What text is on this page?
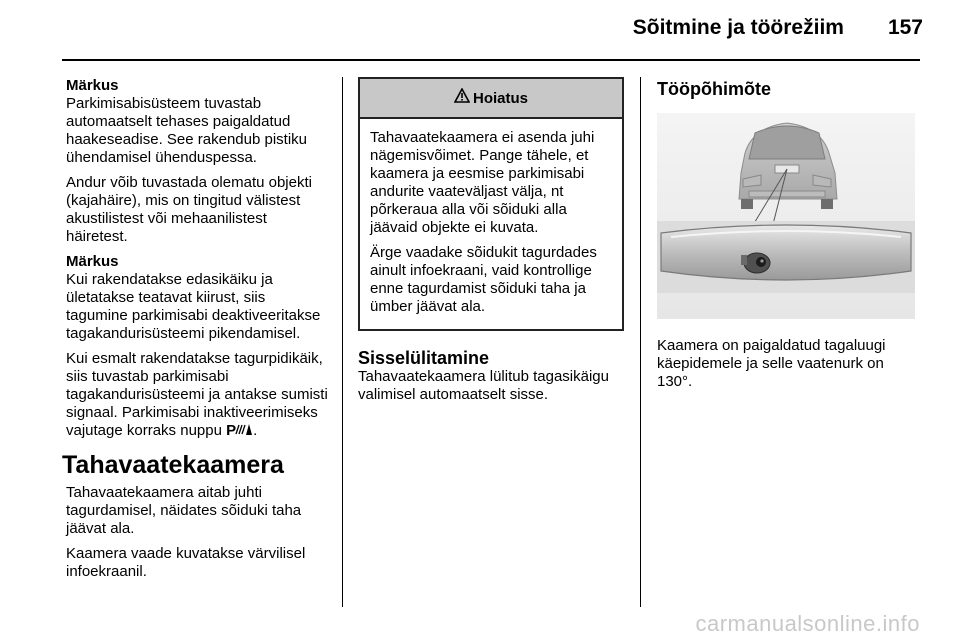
Sõitmine ja töörežiim 157
Märkus

Parkimisabisüsteem tuvastab automaatselt tehases paigaldatud haakeseadise. See rakendub pistiku ühendamisel ühenduspessa.

Andur võib tuvastada olematu objekti (kajahäire), mis on tingitud välistest akustilistest või mehaanilistest häiretest.

Märkus

Kui rakendatakse edasikäiku ja ületatakse teatavat kiirust, siis tagumine parkimisabi deaktiveeritakse tagakandurisüsteemi pikendamisel.

Kui esmalt rakendatakse tagurpidikäik, siis tuvastab parkimisabi tagakandurisüsteemi ja antakse sumisti signaal. Parkimisabi inaktiveerimiseks vajutage korraks nuppu P .

Tahavaatekaamera

Tahavaatekaamera aitab juhti tagurdamisel, näidates sõiduki taha jäävat ala.

Kaamera vaade kuvatakse värvilisel infoekraanil.

Hoiatus

Tahavaatekaamera ei asenda juhi nägemisvõimet. Pange tähele, et kaamera ja eesmise parkimisabi andurite vaateväljast välja, nt põrkeraua alla või sõiduki alla jäävaid objekte ei kuvata.

Ärge vaadake sõidukit tagurdades ainult infoekraani, vaid kontrollige enne tagurdamist sõiduki taha ja ümber jäävat ala.

Sisselülitamine

Tahavaatekaamera lülitub tagasikäigu valimisel automaatselt sisse.

Tööpõhimõte

Kaamera on paigaldatud tagaluugi käepidemele ja selle vaatenurk on 130°.

carmanualsonline.info
